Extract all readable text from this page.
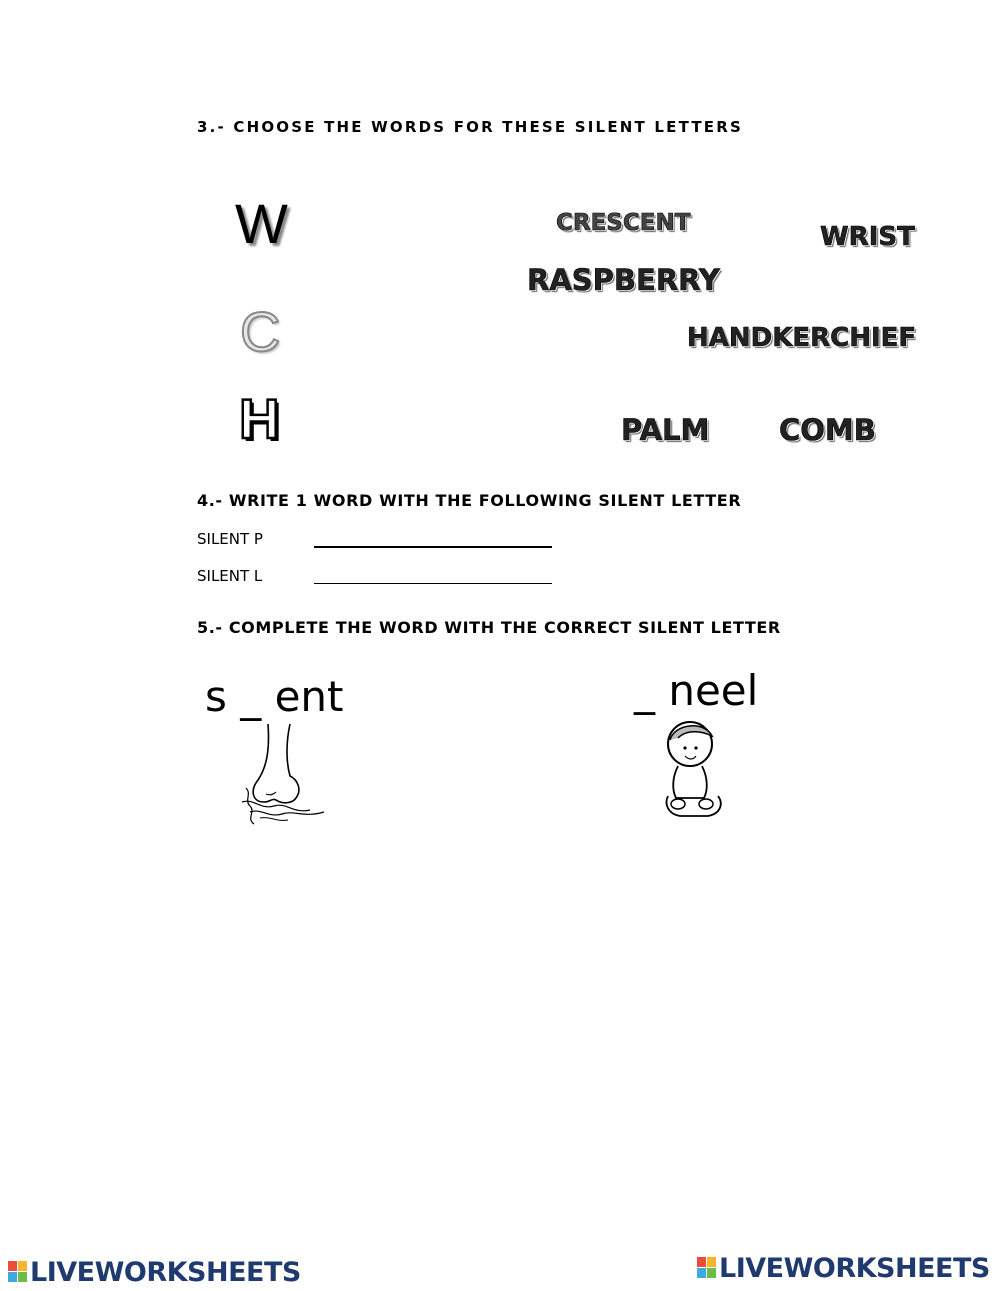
3.- CHOOSE THE WORDS FOR THESE SILENT LETTERS
W
C
H
CRESCENT	WRIST
RASPBERRY
HANDKERCHIEF
PALM COMB
4.- WRITE 1 WORD WITH THE FOLLOWING SILENT LETTER
SILENT P
SILENT L
5.- COMPLETE THE WORD WITH THE CORRECT SILENT LETTER
s _ ent	_ neel
LIVEWORKSHEETS	LIVEWORKSHEETS
